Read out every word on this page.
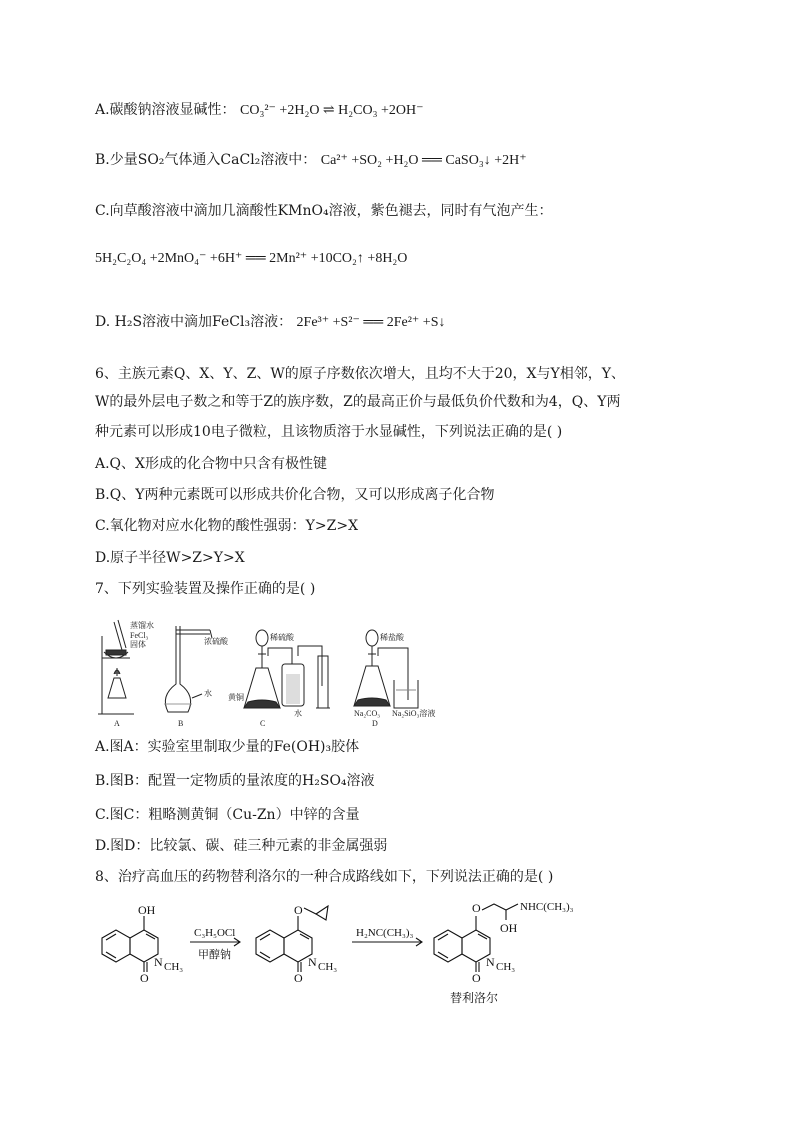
A.碳酸钠溶液显碱性： CO₃²⁻ +2H₂O ⇌ H₂CO₃ +2OH⁻
B.少量SO₂气体通入CaCl₂溶液中： Ca²⁺ +SO₂ +H₂O ══ CaSO₃↓ +2H⁺
C.向草酸溶液中滴加几滴酸性KMnO₄溶液，紫色褪去，同时有气泡产生：
5H₂C₂O₄ +2MnO₄⁻ +6H⁺ ══ 2Mn²⁺ +10CO₂↑ +8H₂O
D. H₂S溶液中滴加FeCl₃溶液： 2Fe³⁺ +S²⁻ ══ 2Fe²⁺ +S↓
6、主族元素Q、X、Y、Z、W的原子序数依次增大，且均不大于20，X与Y相邻，Y、
W的最外层电子数之和等于Z的族序数，Z的最高正价与最低负价代数和为4，Q、Y两
种元素可以形成10电子微粒，且该物质溶于水显碱性，下列说法正确的是( )
A.Q、X形成的化合物中只含有极性键
B.Q、Y两种元素既可以形成共价化合物，又可以形成离子化合物
C.氧化物对应水化物的酸性强弱：Y>Z>X
D.原子半径W>Z>Y>X
7、下列实验装置及操作正确的是( )
蒸馏水
FeCl₃
固体	浓硫酸
水
稀硫酸
黄铜
水
稀盐酸
Na₂CO₃ Na₂SiO₃溶液
A	B	C	D
A.图A：实验室里制取少量的Fe(OH)₃胶体
B.图B：配置一定物质的量浓度的H₂SO₄溶液
C.图C：粗略测黄铜（Cu-Zn）中锌的含量
D.图D：比较氯、碳、硅三种元素的非金属强弱
8、治疗高血压的药物替利洛尔的一种合成路线如下，下列说法正确的是( )
OH
N CH₃
O
C₃H₅OCl
甲醇钠
O
N CH₃
O
H₂NC(CH₃)₃
O
OH
NHC(CH₃)₃
N CH₃
O
替利洛尔
